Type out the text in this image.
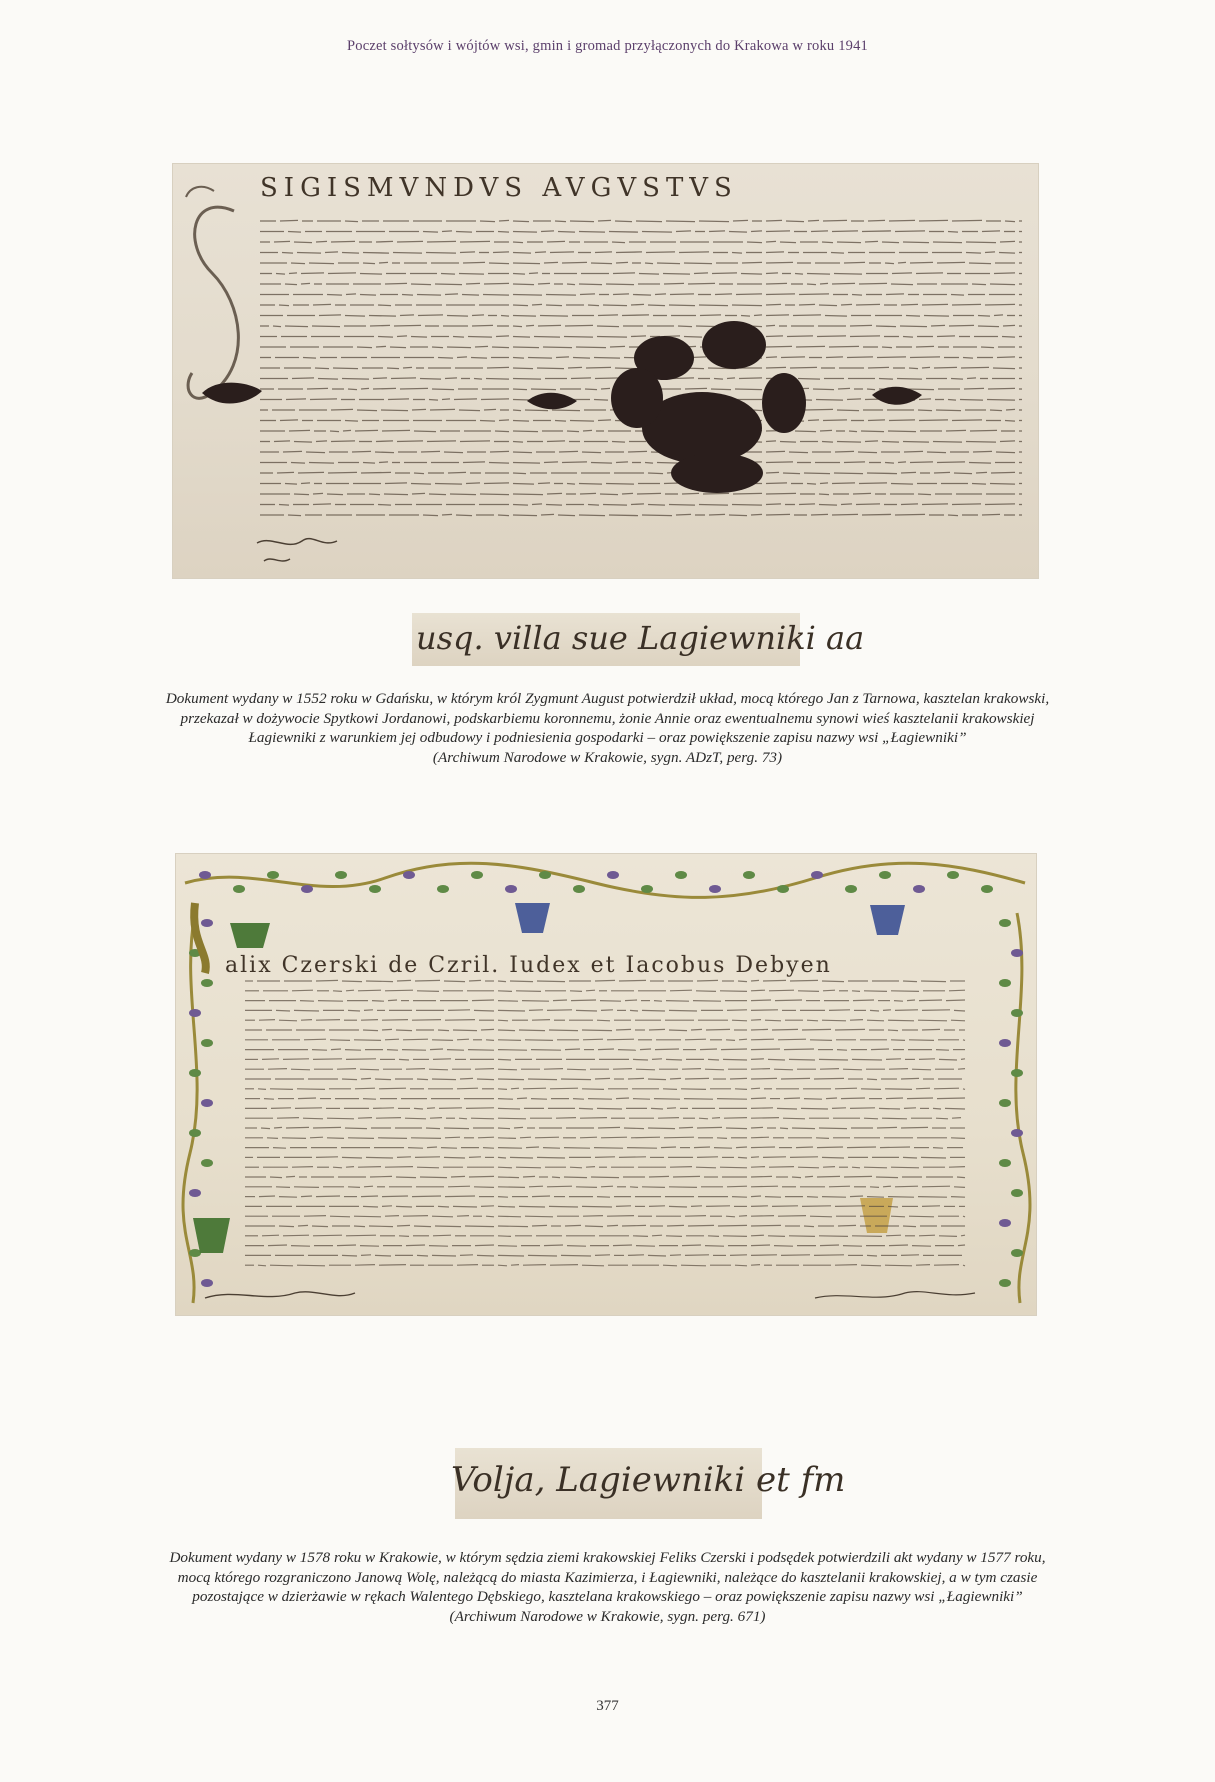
Poczet sołtysów i wójtów wsi, gmin i gromad przyłączonych do Krakowa w roku 1941
SIGISMVNDVS AVGVSTVS
usq. villa sue Lagiewniki aa
Dokument wydany w 1552 roku w Gdańsku, w którym król Zygmunt August potwierdził układ, mocą którego Jan z Tarnowa, kasztelan krakowski,
przekazał w dożywocie Spytkowi Jordanowi, podskarbiemu koronnemu, żonie Annie oraz ewentualnemu synowi wieś kasztelanii krakowskiej
Łagiewniki z warunkiem jej odbudowy i podniesienia gospodarki – oraz powiększenie zapisu nazwy wsi „Łagiewniki”
(Archiwum Narodowe w Krakowie, sygn. ADzT, perg. 73)
alix Czerski de Czril. Iudex et Iacobus Debyen
Volja, Lagiewniki et fm
Dokument wydany w 1578 roku w Krakowie, w którym sędzia ziemi krakowskiej Feliks Czerski i podsędek potwierdzili akt wydany w 1577 roku,
mocą którego rozgraniczono Janową Wolę, należącą do miasta Kazimierza, i Łagiewniki, należące do kasztelanii krakowskiej, a w tym czasie
pozostające w dzierżawie w rękach Walentego Dębskiego, kasztelana krakowskiego – oraz powiększenie zapisu nazwy wsi „Łagiewniki”
(Archiwum Narodowe w Krakowie, sygn. perg. 671)
377
